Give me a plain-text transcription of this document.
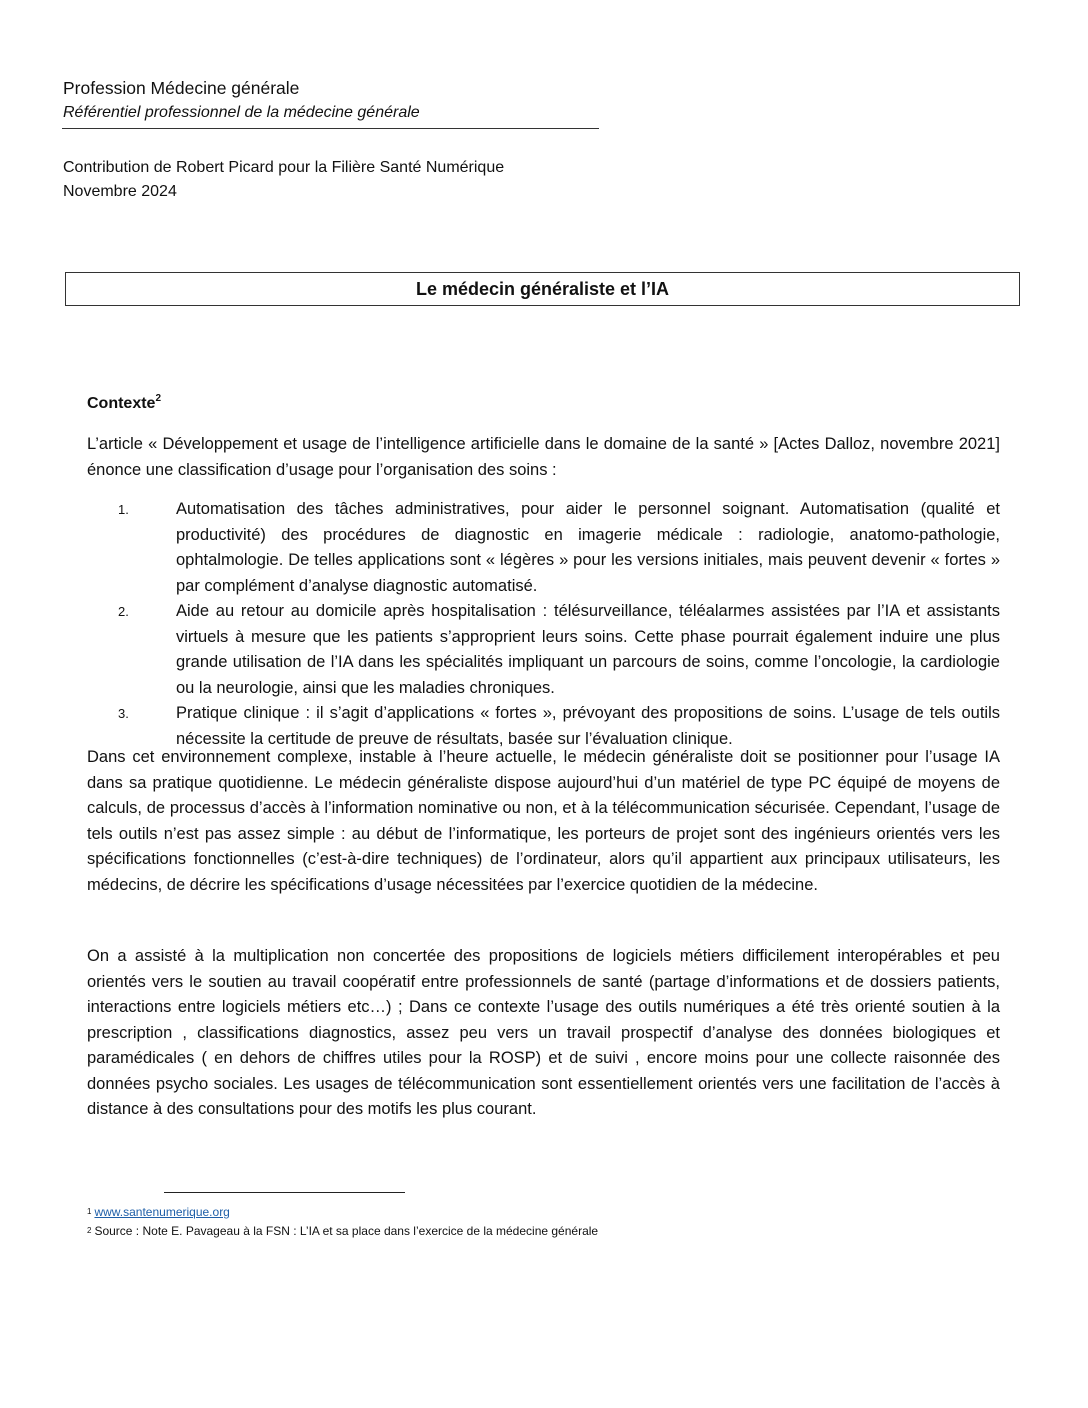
Profession Médecine générale
Référentiel professionnel de la médecine générale
Contribution de Robert Picard pour la Filière Santé Numérique
Novembre 2024
Le médecin généraliste et l’IA
Contexte$^2$
L’article « Développement et usage de l’intelligence artificielle dans le domaine de la santé » [Actes Dalloz, novembre 2021] énonce une classification d’usage pour l’organisation des soins :
1.	Automatisation des tâches administratives, pour aider le personnel soignant. Automatisation (qualité et productivité) des procédures de diagnostic en imagerie médicale : radiologie, anatomo-pathologie, ophtalmologie. De telles applications sont « légères » pour les versions initiales, mais peuvent devenir « fortes » par complément d’analyse diagnostic automatisé.
2.	Aide au retour au domicile après hospitalisation : télésurveillance, téléalarmes assistées par l’IA et assistants virtuels à mesure que les patients s’approprient leurs soins. Cette phase pourrait également induire une plus grande utilisation de l’IA dans les spécialités impliquant un parcours de soins, comme l’oncologie, la cardiologie ou la neurologie, ainsi que les maladies chroniques.
3.	Pratique clinique : il s’agit d’applications « fortes », prévoyant des propositions de soins. L’usage de tels outils nécessite la certitude de preuve de résultats, basée sur l’évaluation clinique.
Dans cet environnement complexe, instable à l’heure actuelle, le médecin généraliste doit se positionner pour l’usage IA dans sa pratique quotidienne. Le médecin généraliste dispose aujourd’hui d’un matériel de type PC équipé de moyens de calculs, de processus d’accès à l’information nominative ou non, et à la télécommunication sécurisée. Cependant, l’usage de tels outils n’est pas assez simple : au début de l’informatique, les porteurs de projet sont des ingénieurs orientés vers les spécifications fonctionnelles (c’est-à-dire techniques) de l’ordinateur, alors qu’il appartient aux principaux utilisateurs, les médecins, de décrire les spécifications d’usage nécessitées par l’exercice quotidien de la médecine.
On a assisté à la multiplication non concertée des propositions de logiciels métiers difficilement interopérables et peu orientés vers le soutien au travail coopératif entre professionnels de santé (partage d’informations et de dossiers patients, interactions entre logiciels métiers etc…) ; Dans ce contexte l’usage des outils numériques a été très orienté soutien à la prescription , classifications diagnostics, assez peu vers un travail prospectif d’analyse des données biologiques et paramédicales ( en dehors de chiffres utiles pour la ROSP) et de suivi , encore moins pour une collecte raisonnée des données psycho sociales. Les usages de télécommunication sont essentiellement orientés vers une facilitation de l’accès à distance à des consultations pour des motifs les plus courant.
$^1$ www.santenumerique.org
$^2$ Source : Note E. Pavageau à la FSN : L’IA et sa place dans l’exercice de la médecine générale
